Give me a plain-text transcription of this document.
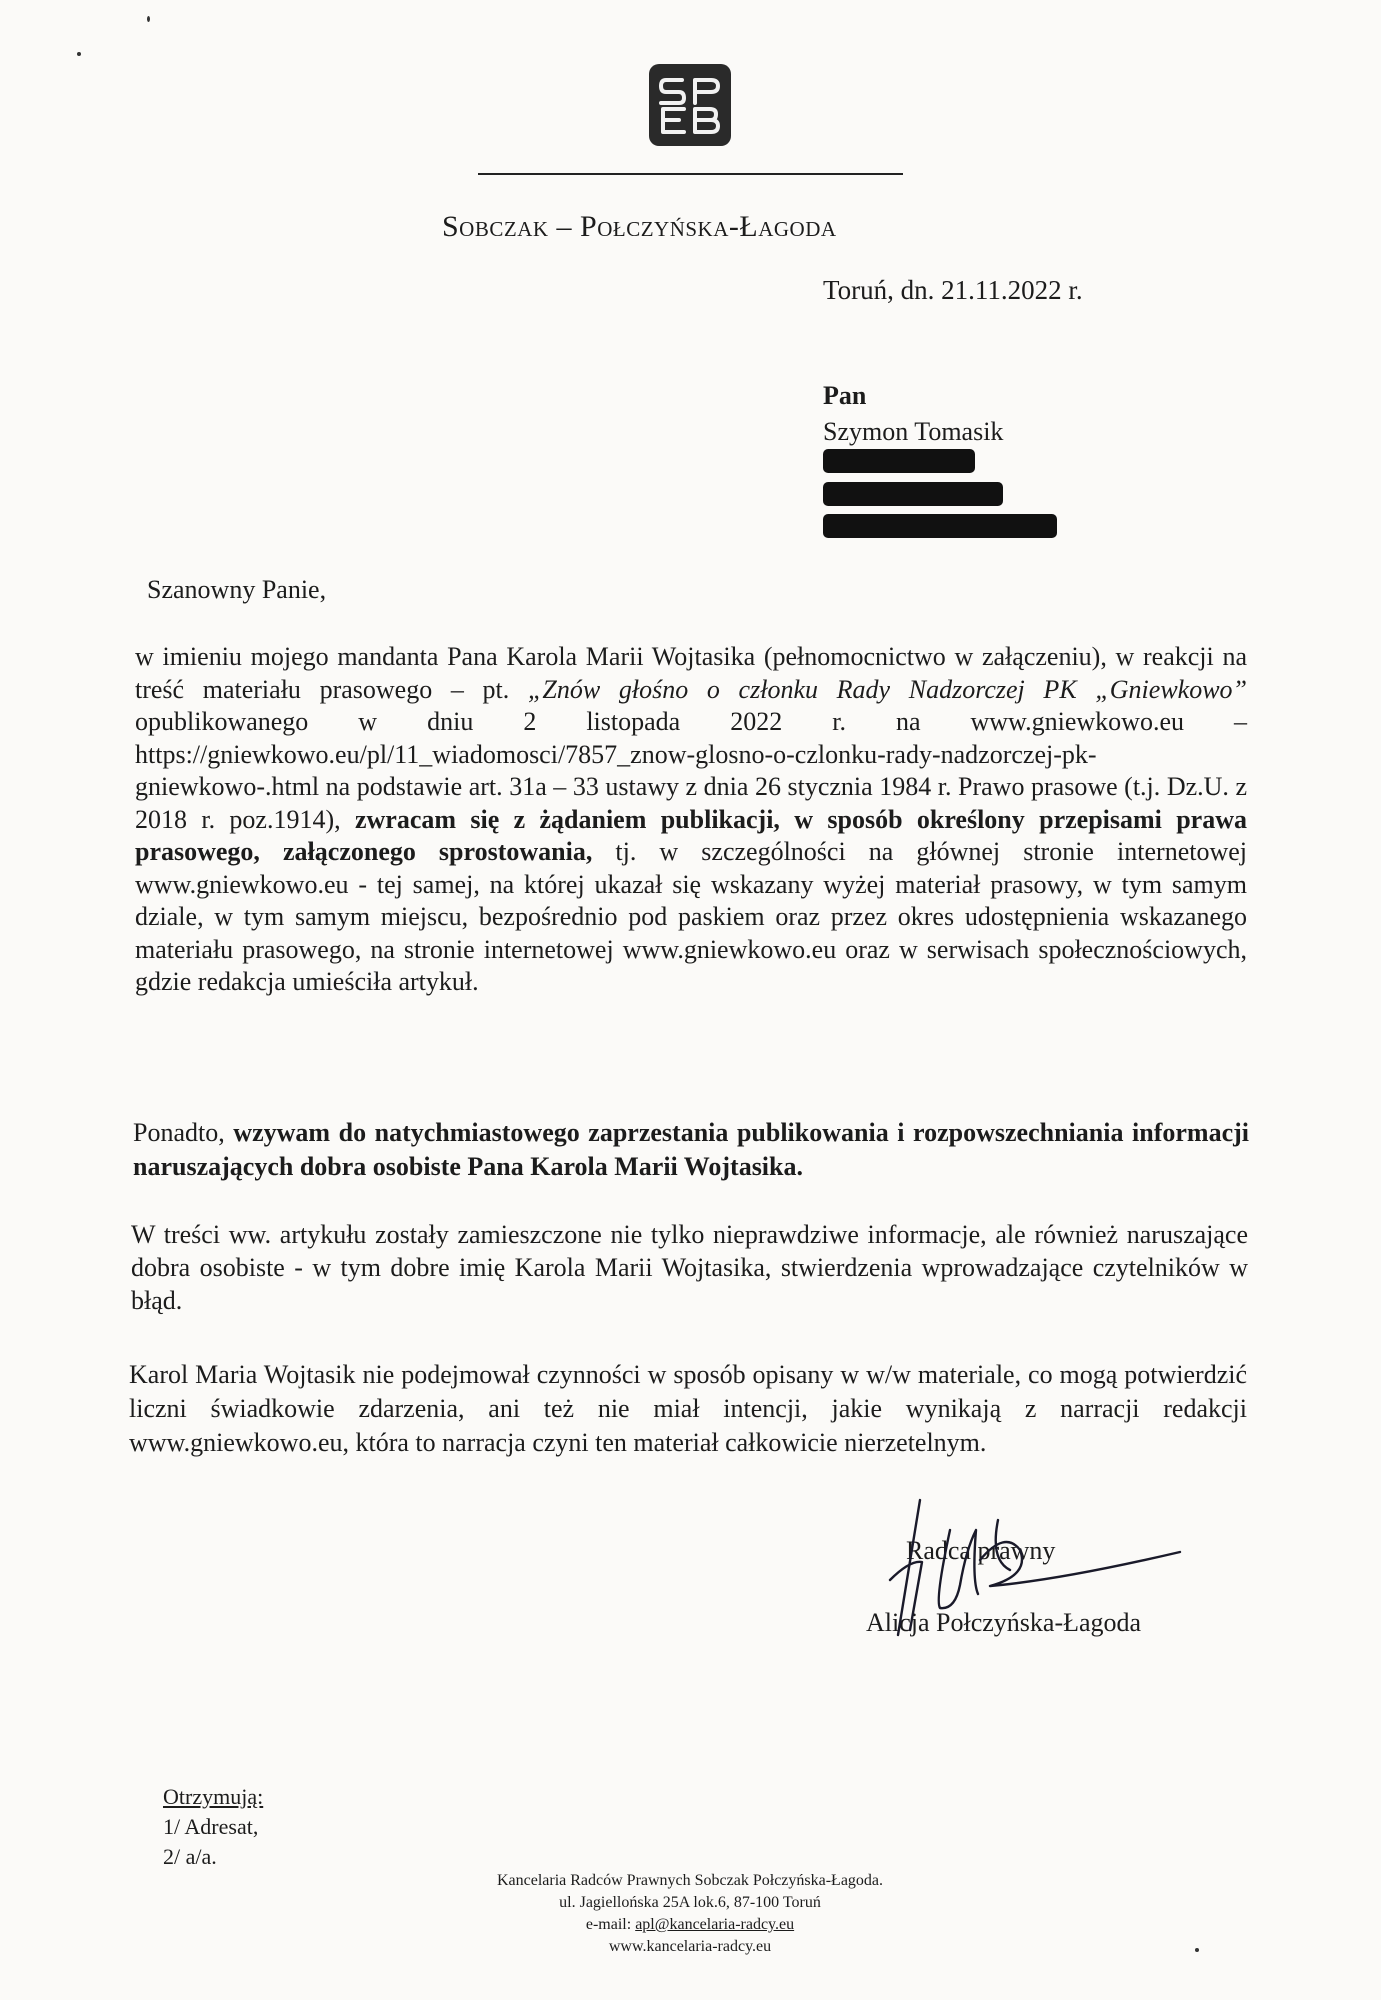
Sobczak – Połczyńska-Łagoda
Toruń, dn. 21.11.2022 r.
Pan
Szymon Tomasik
Szanowny Panie,
w imieniu mojego mandanta Pana Karola Marii Wojtasika (pełnomocnictwo w załączeniu), w reakcji na treść materiału prasowego – pt. „Znów głośno o członku Rady Nadzorczej PK „Gniewkowo” opublikowanego w dniu 2 listopada 2022 r. na www.gniewkowo.eu – https://gniewkowo.eu/pl/11_wiadomosci/7857_znow-glosno-o-czlonku-rady-nadzorczej-pk-gniewkowo-.html na podstawie art. 31a – 33 ustawy z dnia 26 stycznia 1984 r. Prawo prasowe (t.j. Dz.U. z 2018 r. poz.1914), zwracam się z żądaniem publikacji, w sposób określony przepisami prawa prasowego, załączonego sprostowania, tj. w szczególności na głównej stronie internetowej www.gniewkowo.eu - tej samej, na której ukazał się wskazany wyżej materiał prasowy, w tym samym dziale, w tym samym miejscu, bezpośrednio pod paskiem oraz przez okres udostępnienia wskazanego materiału prasowego, na stronie internetowej www.gniewkowo.eu oraz w serwisach społecznościowych, gdzie redakcja umieściła artykuł.
Ponadto, wzywam do natychmiastowego zaprzestania publikowania i rozpowszechniania informacji naruszających dobra osobiste Pana Karola Marii Wojtasika.
W treści ww. artykułu zostały zamieszczone nie tylko nieprawdziwe informacje, ale również naruszające dobra osobiste - w tym dobre imię Karola Marii Wojtasika, stwierdzenia wprowadzające czytelników w błąd.
Karol Maria Wojtasik nie podejmował czynności w sposób opisany w w/w materiale, co mogą potwierdzić liczni świadkowie zdarzenia, ani też nie miał intencji, jakie wynikają z narracji redakcji www.gniewkowo.eu, która to narracja czyni ten materiał całkowicie nierzetelnym.
Radca prawny
Alicja Połczyńska-Łagoda
Otrzymują:
1/ Adresat,
2/ a/a.
Kancelaria Radców Prawnych Sobczak Połczyńska-Łagoda.
ul. Jagiellońska 25A lok.6, 87-100 Toruń
e-mail: apl@kancelaria-radcy.eu
www.kancelaria-radcy.eu
